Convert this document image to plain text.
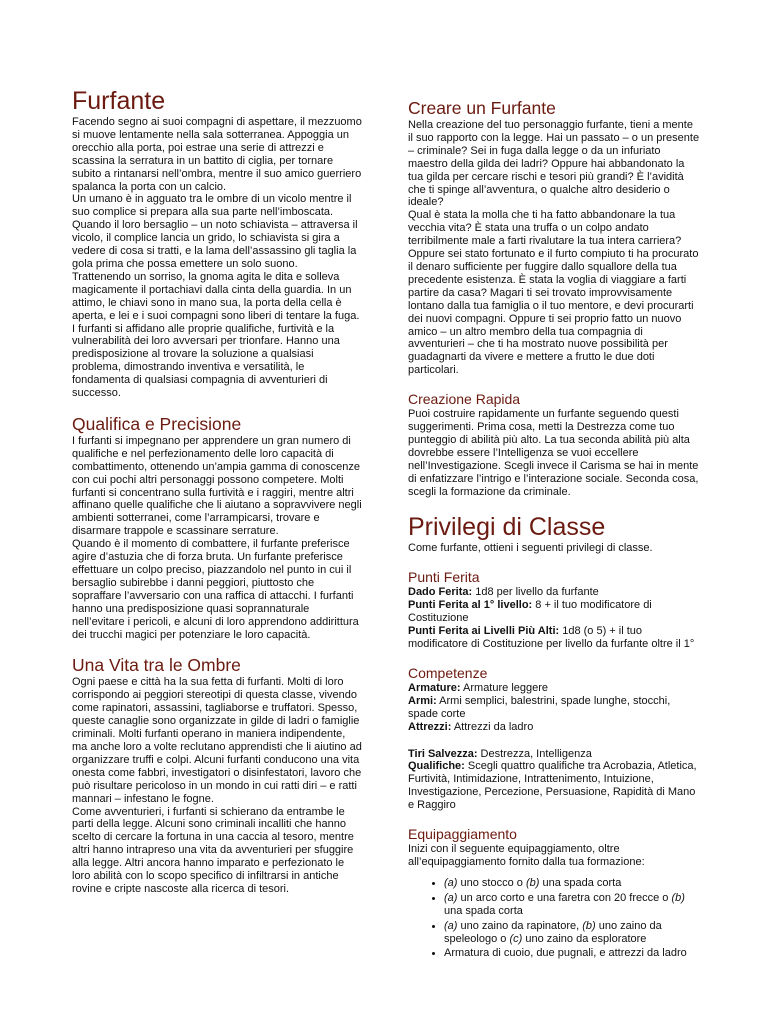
Furfante

Facendo segno ai suoi compagni di aspettare, il mezzuomo si muove lentamente nella sala sotterranea. Appoggia un orecchio alla porta, poi estrae una serie di attrezzi e scassina la serratura in un battito di ciglia, per tornare subito a rintanarsi nell’ombra, mentre il suo amico guerriero spalanca la porta con un calcio.

Un umano è in agguato tra le ombre di un vicolo mentre il suo complice si prepara alla sua parte nell’imboscata. Quando il loro bersaglio – un noto schiavista – attraversa il vicolo, il complice lancia un grido, lo schiavista si gira a vedere di cosa si tratti, e la lama dell’assassino gli taglia la gola prima che possa emettere un solo suono.

Trattenendo un sorriso, la gnoma agita le dita e solleva magicamente il portachiavi dalla cinta della guardia. In un attimo, le chiavi sono in mano sua, la porta della cella è aperta, e lei e i suoi compagni sono liberi di tentare la fuga.

I furfanti si affidano alle proprie qualifiche, furtività e la vulnerabilità dei loro avversari per trionfare. Hanno una predisposizione al trovare la soluzione a qualsiasi problema, dimostrando inventiva e versatilità, le fondamenta di qualsiasi compagnia di avventurieri di successo.

Qualifica e Precisione

I furfanti si impegnano per apprendere un gran numero di qualifiche e nel perfezionamento delle loro capacità di combattimento, ottenendo un’ampia gamma di conoscenze con cui pochi altri personaggi possono competere. Molti furfanti si concentrano sulla furtività e i raggiri, mentre altri affinano quelle qualifiche che li aiutano a sopravvivere negli ambienti sotterranei, come l’arrampicarsi, trovare e disarmare trappole e scassinare serrature.

Quando è il momento di combattere, il furfante preferisce agire d’astuzia che di forza bruta. Un furfante preferisce effettuare un colpo preciso, piazzandolo nel punto in cui il bersaglio subirebbe i danni peggiori, piuttosto che sopraffare l’avversario con una raffica di attacchi. I furfanti hanno una predisposizione quasi soprannaturale nell’evitare i pericoli, e alcuni di loro apprendono addirittura dei trucchi magici per potenziare le loro capacità.

Una Vita tra le Ombre

Ogni paese e città ha la sua fetta di furfanti. Molti di loro corrispondo ai peggiori stereotipi di questa classe, vivendo come rapinatori, assassini, tagliaborse e truffatori. Spesso, queste canaglie sono organizzate in gilde di ladri o famiglie criminali. Molti furfanti operano in maniera indipendente, ma anche loro a volte reclutano apprendisti che li aiutino ad organizzare truffi e colpi. Alcuni furfanti conducono una vita onesta come fabbri, investigatori o disinfestatori, lavoro che può risultare pericoloso in un mondo in cui ratti diri – e ratti mannari – infestano le fogne.

Come avventurieri, i furfanti si schierano da entrambe le parti della legge. Alcuni sono criminali incalliti che hanno scelto di cercare la fortuna in una caccia al tesoro, mentre altri hanno intrapreso una vita da avventurieri per sfuggire alla legge. Altri ancora hanno imparato e perfezionato le loro abilità con lo scopo specifico di infiltrarsi in antiche rovine e cripte nascoste alla ricerca di tesori.

Creare un Furfante

Nella creazione del tuo personaggio furfante, tieni a mente il suo rapporto con la legge. Hai un passato – o un presente – criminale? Sei in fuga dalla legge o da un infuriato maestro della gilda dei ladri? Oppure hai abbandonato la tua gilda per cercare rischi e tesori più grandi? È l’avidità che ti spinge all’avventura, o qualche altro desiderio o ideale?

Qual è stata la molla che ti ha fatto abbandonare la tua vecchia vita? È stata una truffa o un colpo andato terribilmente male a farti rivalutare la tua intera carriera? Oppure sei stato fortunato e il furto compiuto ti ha procurato il denaro sufficiente per fuggire dallo squallore della tua precedente esistenza. È stata la voglia di viaggiare a farti partire da casa? Magari ti sei trovato improvvisamente lontano dalla tua famiglia o il tuo mentore, e devi procurarti dei nuovi compagni. Oppure ti sei proprio fatto un nuovo amico – un altro membro della tua compagnia di avventurieri – che ti ha mostrato nuove possibilità per guadagnarti da vivere e mettere a frutto le due doti particolari.

Creazione Rapida

Puoi costruire rapidamente un furfante seguendo questi suggerimenti. Prima cosa, metti la Destrezza come tuo punteggio di abilità più alto. La tua seconda abilità più alta dovrebbe essere l’Intelligenza se vuoi eccellere nell’Investigazione. Scegli invece il Carisma se hai in mente di enfatizzare l’intrigo e l’interazione sociale. Seconda cosa, scegli la formazione da criminale.

Privilegi di Classe

Come furfante, ottieni i seguenti privilegi di classe.

Punti Ferita

Dado Ferita: 1d8 per livello da furfante

Punti Ferita al 1° livello: 8 + il tuo modificatore di Costituzione

Punti Ferita ai Livelli Più Alti: 1d8 (o 5) + il tuo modificatore di Costituzione per livello da furfante oltre il 1°

Competenze

Armature: Armature leggere

Armi: Armi semplici, balestrini, spade lunghe, stocchi, spade corte

Attrezzi: Attrezzi da ladro

Tiri Salvezza: Destrezza, Intelligenza

Qualifiche: Scegli quattro qualifiche tra Acrobazia, Atletica, Furtività, Intimidazione, Intrattenimento, Intuizione, Investigazione, Percezione, Persuasione, Rapidità di Mano e Raggiro

Equipaggiamento

Inizi con il seguente equipaggiamento, oltre all’equipaggiamento fornito dalla tua formazione:

• (a) uno stocco o (b) una spada corta
• (a) un arco corto e una faretra con 20 frecce o (b) una spada corta
• (a) uno zaino da rapinatore, (b) uno zaino da speleologo o (c) uno zaino da esploratore
• Armatura di cuoio, due pugnali, e attrezzi da ladro
